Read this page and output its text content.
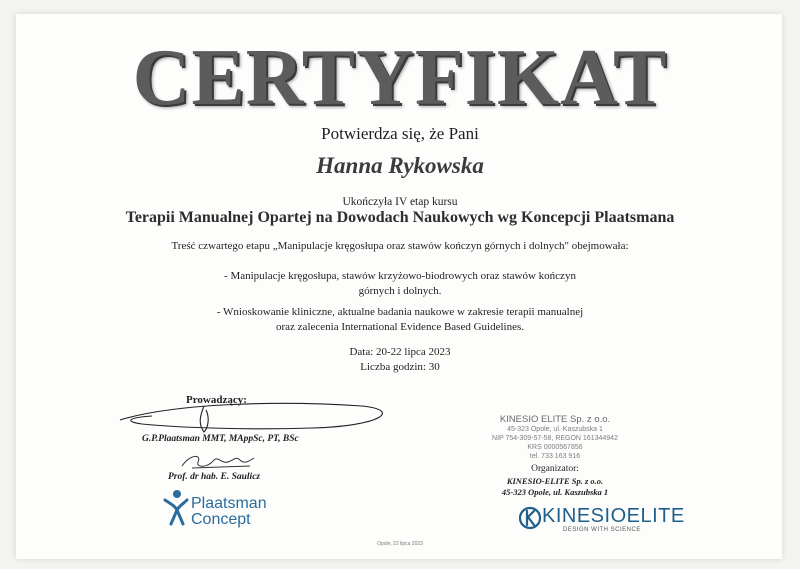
CERTYFIKAT
Potwierdza się, że Pani
Hanna Rykowska
Ukończyła IV etap kursu
Terapii Manualnej Opartej na Dowodach Naukowych wg Koncepcji Plaatsmana
Treść czwartego etapu „Manipulacje kręgosłupa oraz stawów kończyn górnych i dolnych" obejmowała:

- Manipulacje kręgosłupa, stawów krzyżowo-biodrowych oraz stawów kończyn

górnych i dolnych.

- Wnioskowanie kliniczne, aktualne badania naukowe w zakresie terapii manualnej

oraz zalecenia International Evidence Based Guidelines.

Data: 20-22 lipca 2023
Liczba godzin: 30
Prowadzący:
G.P.Plaatsman MMT, MAppSc, PT, BSc
Prof. dr hab. E. Saulicz
Plaatsman
Concept
KINESIO ELITE Sp. z o.o.
45-323 Opole, ul. Kaszubska 1
NIP 754-309-57-58, REGON 161344942
KRS 0000567856
tel. 733 163 916
Organizator:
KINESIO-ELITE Sp. z o.o.
45-323 Opole, ul. Kaszubska 1
KINESIOELITE
DESIGN WITH SCIENCE
Opole, 22 lipca 2023
